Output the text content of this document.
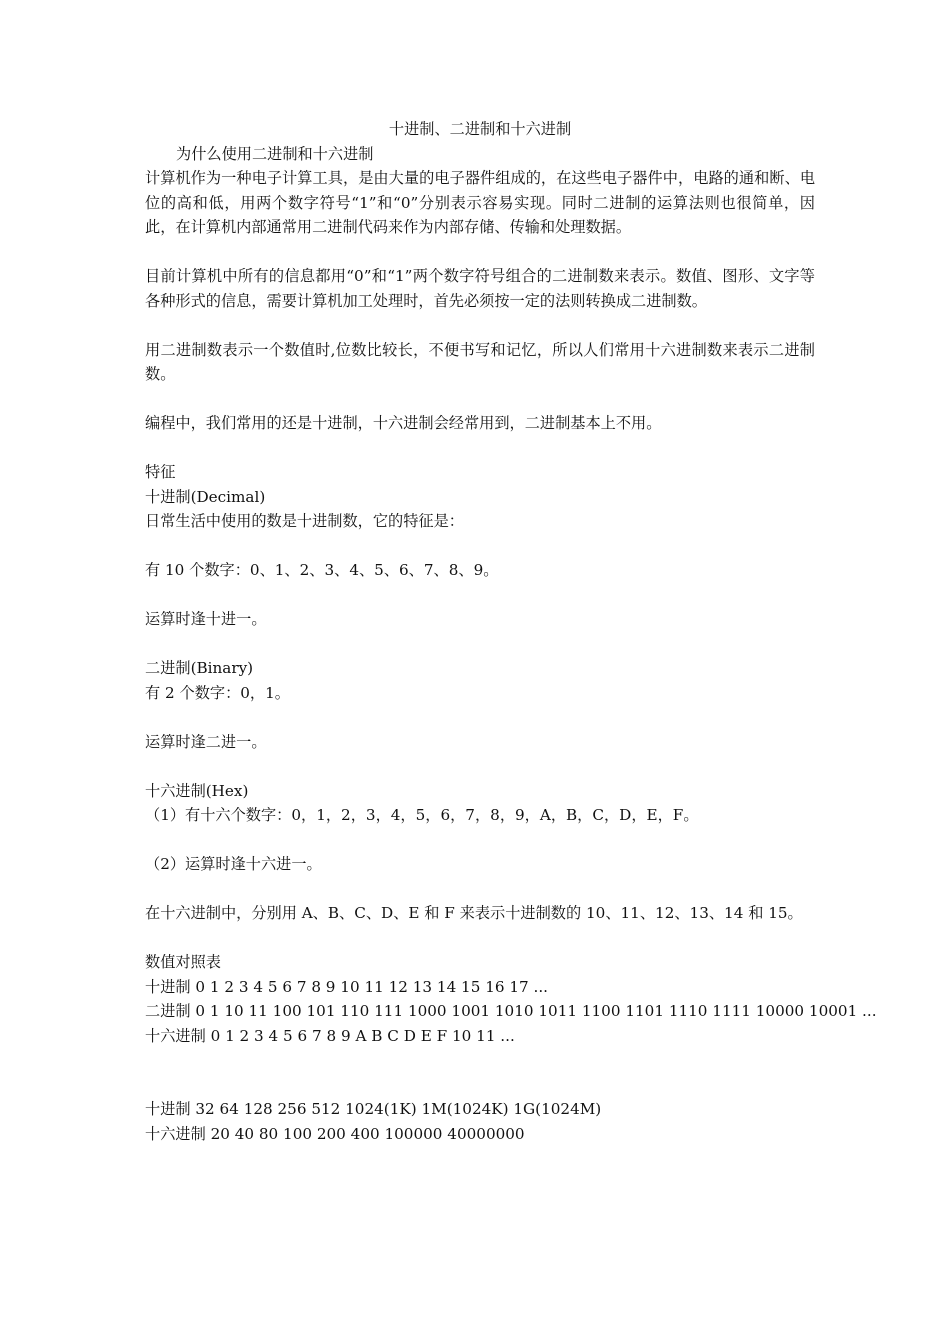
十进制、二进制和十六进制

为什么使用二进制和十六进制

计算机作为一种电子计算工具，是由大量的电子器件组成的，在这些电子器件中，电路的通和断、电位的高和低，用两个数字符号“1”和“0”分别表示容易实现。同时二进制的运算法则也很简单，因此，在计算机内部通常用二进制代码来作为内部存储、传输和处理数据。

目前计算机中所有的信息都用“0”和“1”两个数字符号组合的二进制数来表示。数值、图形、文字等各种形式的信息，需要计算机加工处理时，首先必须按一定的法则转换成二进制数。

用二进制数表示一个数值时,位数比较长，不便书写和记忆，所以人们常用十六进制数来表示二进制数。

编程中，我们常用的还是十进制，十六进制会经常用到，二进制基本上不用。

特征

十进制(Decimal)

日常生活中使用的数是十进制数，它的特征是：

有 10 个数字：0、1、2、3、4、5、6、7、8、9。

运算时逢十进一。

二进制(Binary)

有 2 个数字：0，1。

运算时逢二进一。

十六进制(Hex)

（1）有十六个数字：0，1，2，3，4，5，6，7，8，9，A，B，C，D，E，F。

（2）运算时逢十六进一。

在十六进制中，分别用 A、B、C、D、E 和 F 来表示十进制数的 10、11、12、13、14 和 15。

数值对照表

十进制 0 1 2 3 4 5 6 7 8 9 10 11 12 13 14 15 16 17 ...

二进制 0 1 10 11 100 101 110 111 1000 1001 1010 1011 1100 1101 1110 1111 10000 10001 ...

十六进制 0 1 2 3 4 5 6 7 8 9 A B C D E F 10 11 ...

十进制 32 64 128 256 512 1024(1K) 1M(1024K) 1G(1024M)

十六进制 20 40 80 100 200 400 100000 40000000
